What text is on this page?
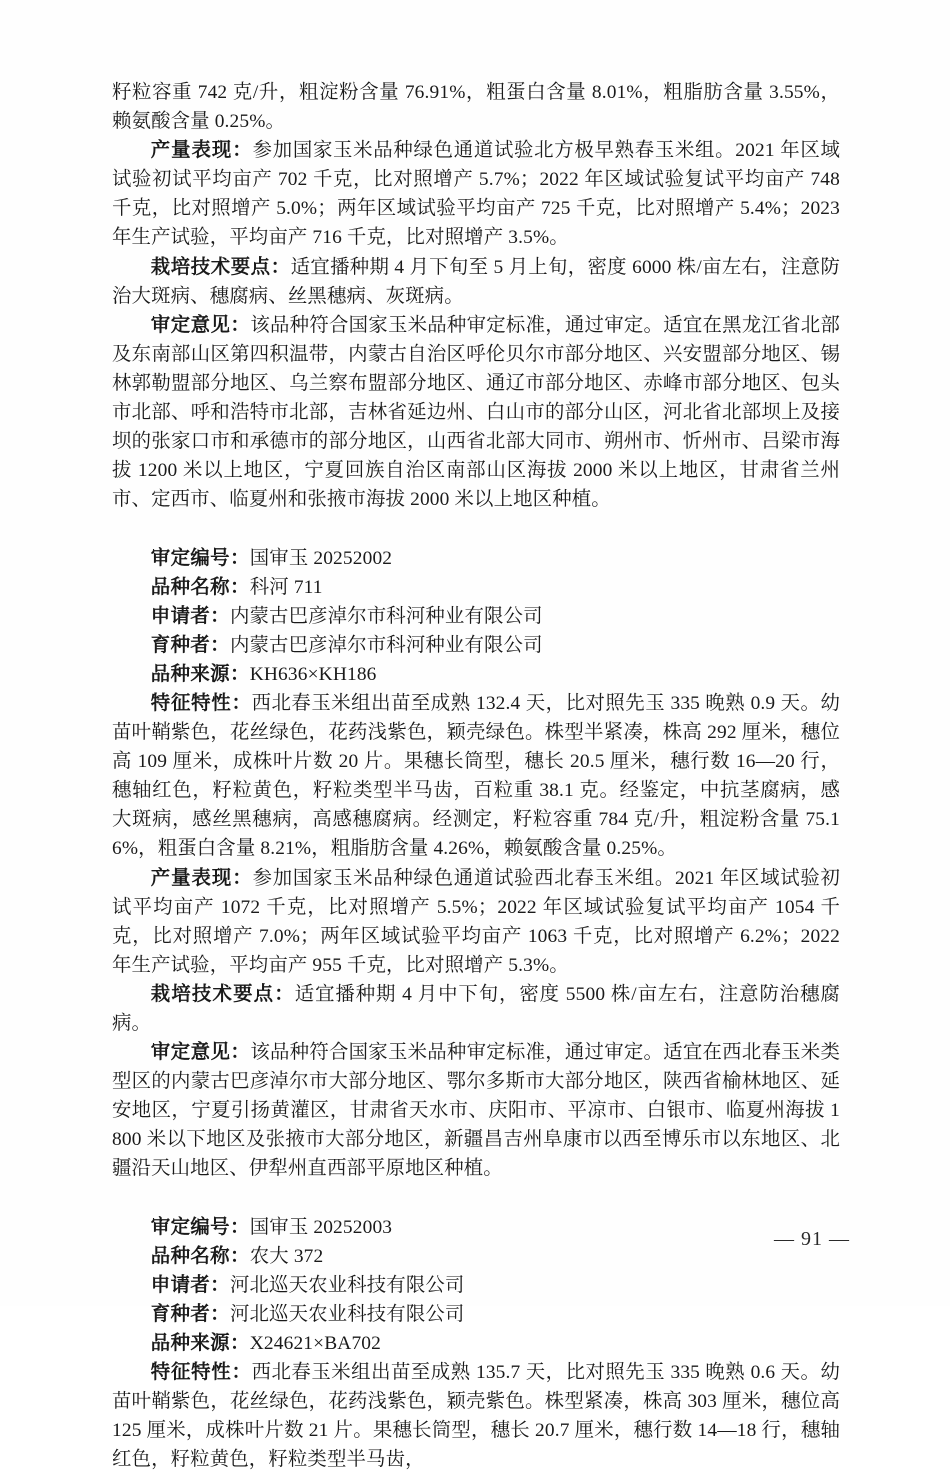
籽粒容重 742 克/升，粗淀粉含量 76.91%，粗蛋白含量 8.01%，粗脂肪含量 3.55%，赖氨酸含量 0.25%。

产量表现：参加国家玉米品种绿色通道试验北方极早熟春玉米组。2021 年区域试验初试平均亩产 702 千克，比对照增产 5.7%；2022 年区域试验复试平均亩产 748 千克，比对照增产 5.0%；两年区域试验平均亩产 725 千克，比对照增产 5.4%；2023 年生产试验，平均亩产 716 千克，比对照增产 3.5%。

栽培技术要点：适宜播种期 4 月下旬至 5 月上旬，密度 6000 株/亩左右，注意防治大斑病、穗腐病、丝黑穗病、灰斑病。

审定意见：该品种符合国家玉米品种审定标准，通过审定。适宜在黑龙江省北部及东南部山区第四积温带，内蒙古自治区呼伦贝尔市部分地区、兴安盟部分地区、锡林郭勒盟部分地区、乌兰察布盟部分地区、通辽市部分地区、赤峰市部分地区、包头市北部、呼和浩特市北部，吉林省延边州、白山市的部分山区，河北省北部坝上及接坝的张家口市和承德市的部分地区，山西省北部大同市、朔州市、忻州市、吕梁市海拔 1200 米以上地区，宁夏回族自治区南部山区海拔 2000 米以上地区，甘肃省兰州市、定西市、临夏州和张掖市海拔 2000 米以上地区种植。

审定编号：国审玉 20252002

品种名称：科河 711

申请者：内蒙古巴彦淖尔市科河种业有限公司

育种者：内蒙古巴彦淖尔市科河种业有限公司

品种来源：KH636×KH186

特征特性：西北春玉米组出苗至成熟 132.4 天，比对照先玉 335 晚熟 0.9 天。幼苗叶鞘紫色，花丝绿色，花药浅紫色，颖壳绿色。株型半紧凑，株高 292 厘米，穗位高 109 厘米，成株叶片数 20 片。果穗长筒型，穗长 20.5 厘米，穗行数 16—20 行，穗轴红色，籽粒黄色，籽粒类型半马齿，百粒重 38.1 克。经鉴定，中抗茎腐病，感大斑病，感丝黑穗病，高感穗腐病。经测定，籽粒容重 784 克/升，粗淀粉含量 75.16%，粗蛋白含量 8.21%，粗脂肪含量 4.26%，赖氨酸含量 0.25%。

产量表现：参加国家玉米品种绿色通道试验西北春玉米组。2021 年区域试验初试平均亩产 1072 千克，比对照增产 5.5%；2022 年区域试验复试平均亩产 1054 千克，比对照增产 7.0%；两年区域试验平均亩产 1063 千克，比对照增产 6.2%；2022 年生产试验，平均亩产 955 千克，比对照增产 5.3%。

栽培技术要点：适宜播种期 4 月中下旬，密度 5500 株/亩左右，注意防治穗腐病。

审定意见：该品种符合国家玉米品种审定标准，通过审定。适宜在西北春玉米类型区的内蒙古巴彦淖尔市大部分地区、鄂尔多斯市大部分地区，陕西省榆林地区、延安地区，宁夏引扬黄灌区，甘肃省天水市、庆阳市、平凉市、白银市、临夏州海拔 1800 米以下地区及张掖市大部分地区，新疆昌吉州阜康市以西至博乐市以东地区、北疆沿天山地区、伊犁州直西部平原地区种植。

审定编号：国审玉 20252003

品种名称：农大 372

申请者：河北巡天农业科技有限公司

育种者：河北巡天农业科技有限公司

品种来源：X24621×BA702

特征特性：西北春玉米组出苗至成熟 135.7 天，比对照先玉 335 晚熟 0.6 天。幼苗叶鞘紫色，花丝绿色，花药浅紫色，颖壳紫色。株型紧凑，株高 303 厘米，穗位高 125 厘米，成株叶片数 21 片。果穗长筒型，穗长 20.7 厘米，穗行数 14—18 行，穗轴红色，籽粒黄色，籽粒类型半马齿，

— 91 —
